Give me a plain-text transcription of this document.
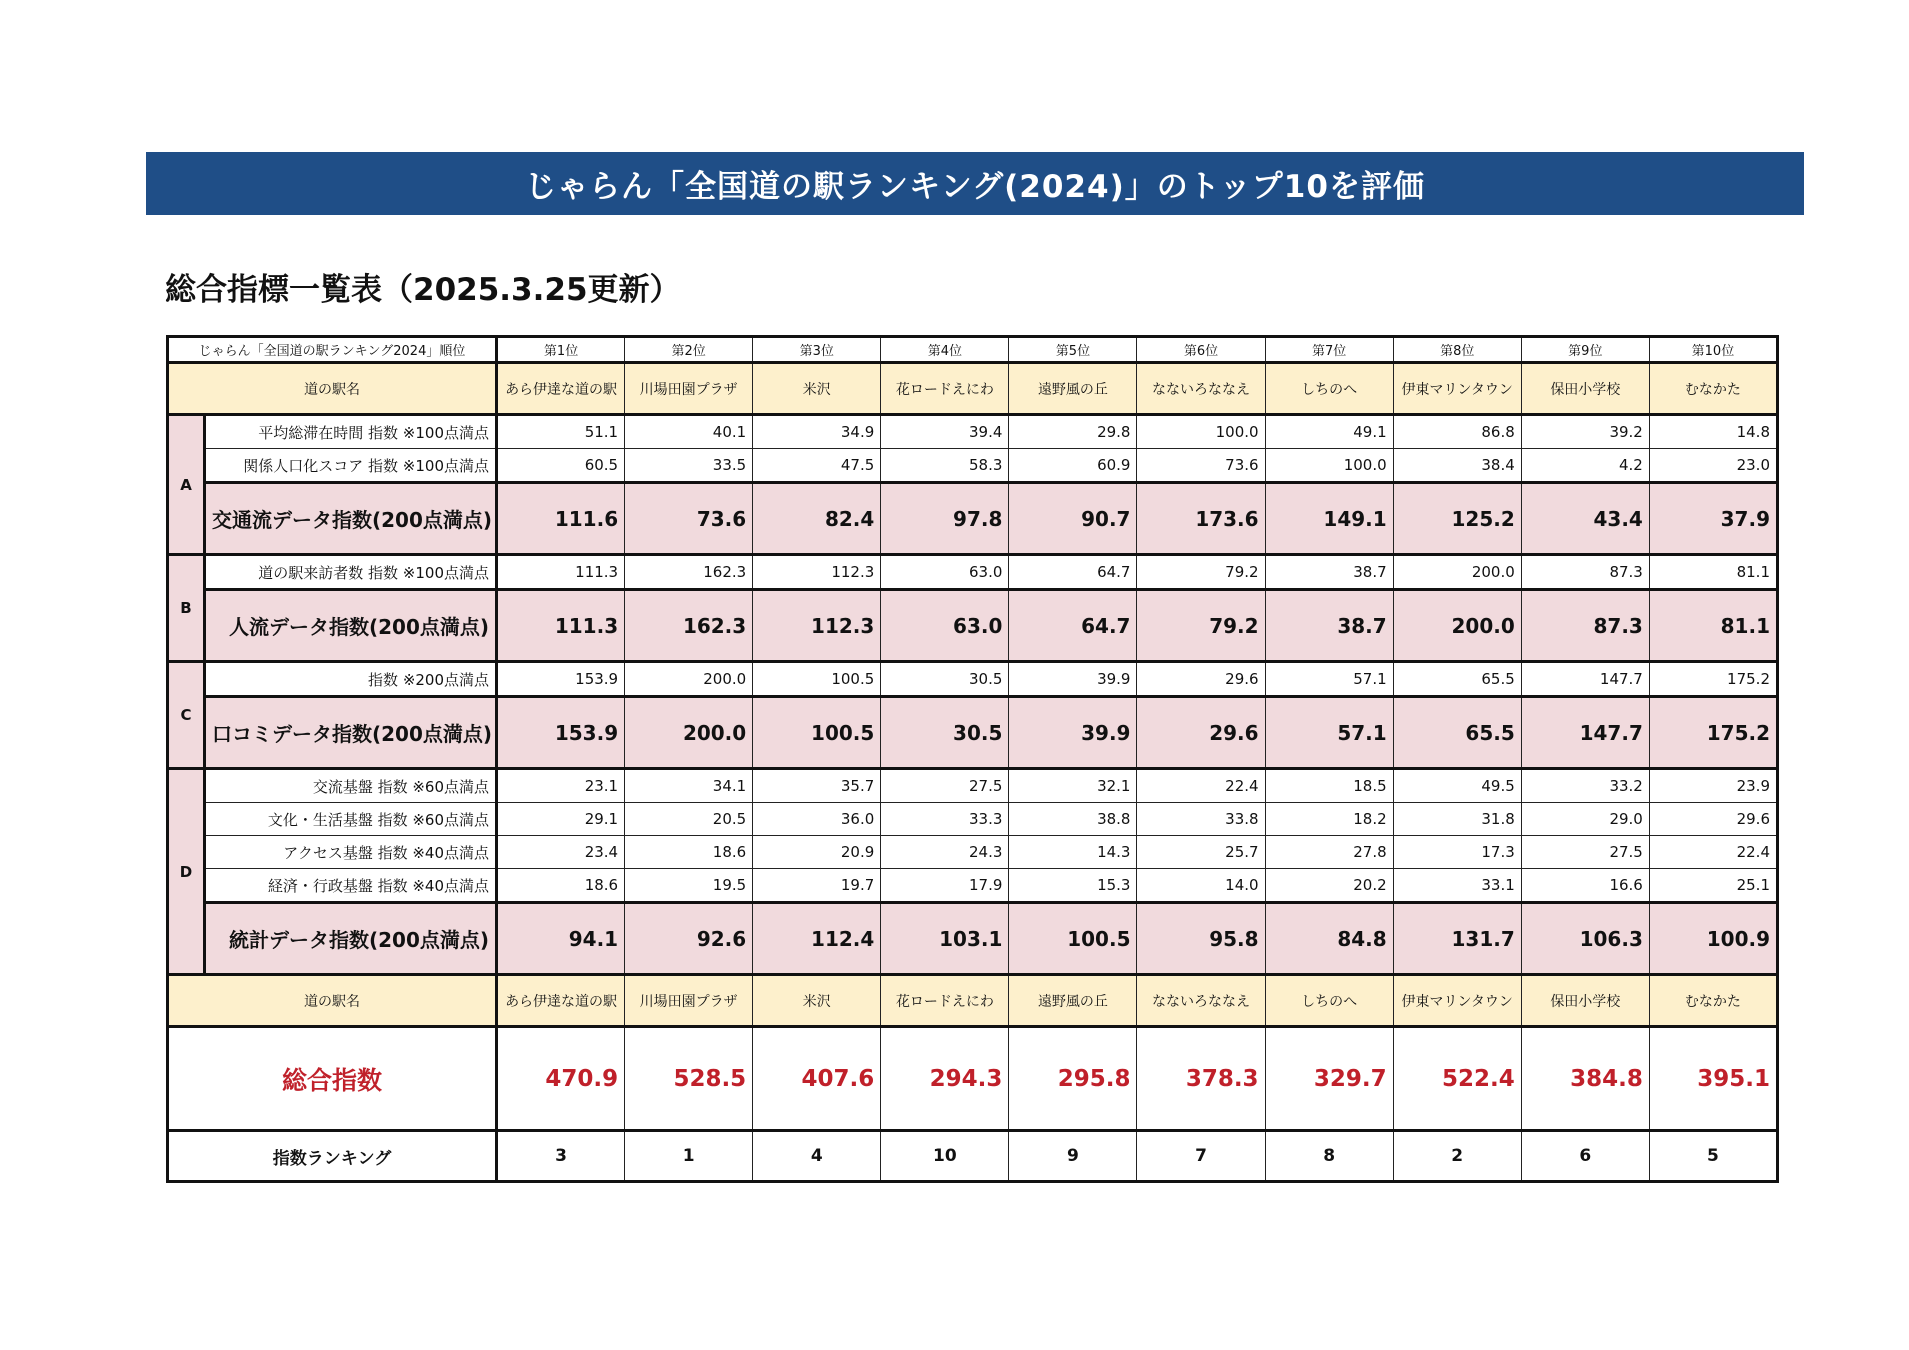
じゃらん「全国道の駅ランキング(2024)」のトップ10を評価
総合指標一覧表（2025.3.25更新）
じゃらん「全国道の駅ランキング2024」順位		第1位	第2位	第3位	第4位	第5位	第6位	第7位	第8位	第9位	第10位
道の駅名		あら伊達な道の駅	川場田園プラザ	米沢	花ロードえにわ	遠野風の丘	なないろななえ	しちのへ	伊東マリンタウン	保田小学校	むなかた
A	平均総滞在時間 指数 ※100点満点	51.1	40.1	34.9	39.4	29.8	100.0	49.1	86.8	39.2	14.8
	関係人口化スコア 指数 ※100点満点	60.5	33.5	47.5	58.3	60.9	73.6	100.0	38.4	4.2	23.0
	交通流データ指数(200点満点)	111.6	73.6	82.4	97.8	90.7	173.6	149.1	125.2	43.4	37.9
B	道の駅来訪者数 指数 ※100点満点	111.3	162.3	112.3	63.0	64.7	79.2	38.7	200.0	87.3	81.1
	人流データ指数(200点満点)	111.3	162.3	112.3	63.0	64.7	79.2	38.7	200.0	87.3	81.1
C	指数 ※200点満点	153.9	200.0	100.5	30.5	39.9	29.6	57.1	65.5	147.7	175.2
	口コミデータ指数(200点満点)	153.9	200.0	100.5	30.5	39.9	29.6	57.1	65.5	147.7	175.2
D	交流基盤 指数 ※60点満点	23.1	34.1	35.7	27.5	32.1	22.4	18.5	49.5	33.2	23.9
	文化・生活基盤 指数 ※60点満点	29.1	20.5	36.0	33.3	38.8	33.8	18.2	31.8	29.0	29.6
	アクセス基盤 指数 ※40点満点	23.4	18.6	20.9	24.3	14.3	25.7	27.8	17.3	27.5	22.4
	経済・行政基盤 指数 ※40点満点	18.6	19.5	19.7	17.9	15.3	14.0	20.2	33.1	16.6	25.1
	統計データ指数(200点満点)	94.1	92.6	112.4	103.1	100.5	95.8	84.8	131.7	106.3	100.9
道の駅名		あら伊達な道の駅	川場田園プラザ	米沢	花ロードえにわ	遠野風の丘	なないろななえ	しちのへ	伊東マリンタウン	保田小学校	むなかた
総合指数		470.9	528.5	407.6	294.3	295.8	378.3	329.7	522.4	384.8	395.1
指数ランキング		3	1	4	10	9	7	8	2	6	5
